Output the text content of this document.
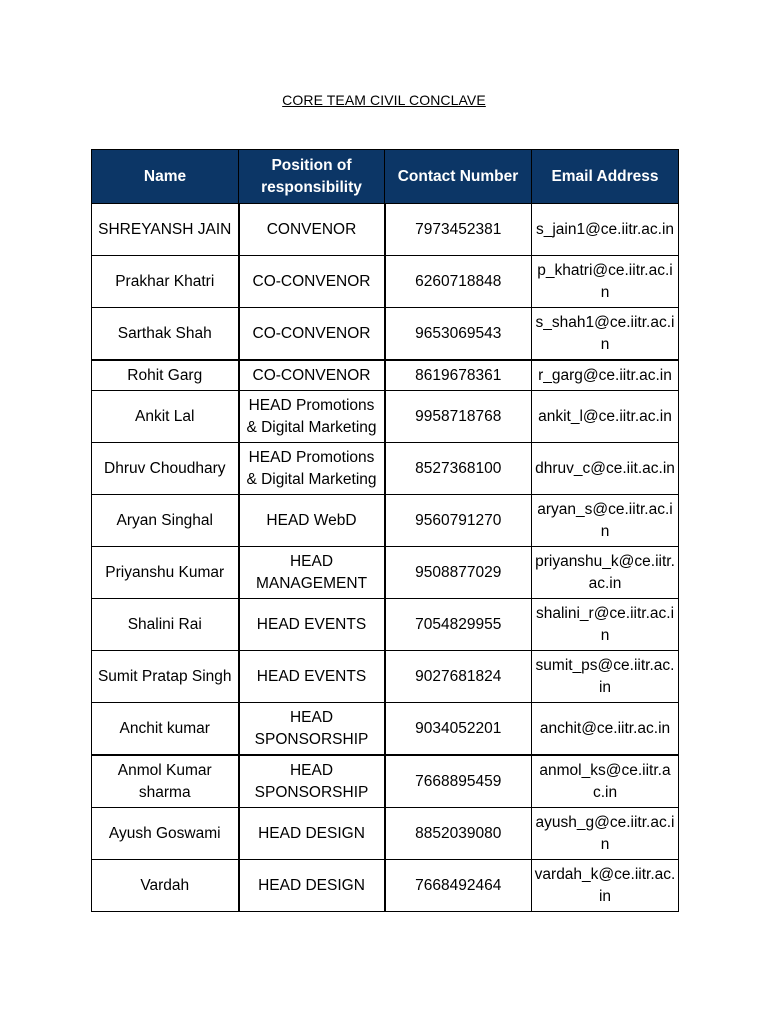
CORE TEAM CIVIL CONCLAVE
Name	Position of responsibility	Contact Number	Email Address
SHREYANSH JAIN	CONVENOR	7973452381	s_jain1@ce.iitr.ac.in
Prakhar Khatri	CO-CONVENOR	6260718848	p_khatri@ce.iitr.ac.in
Sarthak Shah	CO-CONVENOR	9653069543	s_shah1@ce.iitr.ac.in
Rohit Garg	CO-CONVENOR	8619678361	r_garg@ce.iitr.ac.in
Ankit Lal	HEAD Promotions & Digital Marketing	9958718768	ankit_l@ce.iitr.ac.in
Dhruv Choudhary	HEAD Promotions & Digital Marketing	8527368100	dhruv_c@ce.iit.ac.in
Aryan Singhal	HEAD WebD	9560791270	aryan_s@ce.iitr.ac.in
Priyanshu Kumar	HEAD MANAGEMENT	9508877029	priyanshu_k@ce.iitr.ac.in
Shalini Rai	HEAD EVENTS	7054829955	shalini_r@ce.iitr.ac.in
Sumit Pratap Singh	HEAD EVENTS	9027681824	sumit_ps@ce.iitr.ac.in
Anchit kumar	HEAD SPONSORSHIP	9034052201	anchit@ce.iitr.ac.in
Anmol Kumar sharma	HEAD SPONSORSHIP	7668895459	anmol_ks@ce.iitr.ac.in
Ayush Goswami	HEAD DESIGN	8852039080	ayush_g@ce.iitr.ac.in
Vardah	HEAD DESIGN	7668492464	vardah_k@ce.iitr.ac.in
